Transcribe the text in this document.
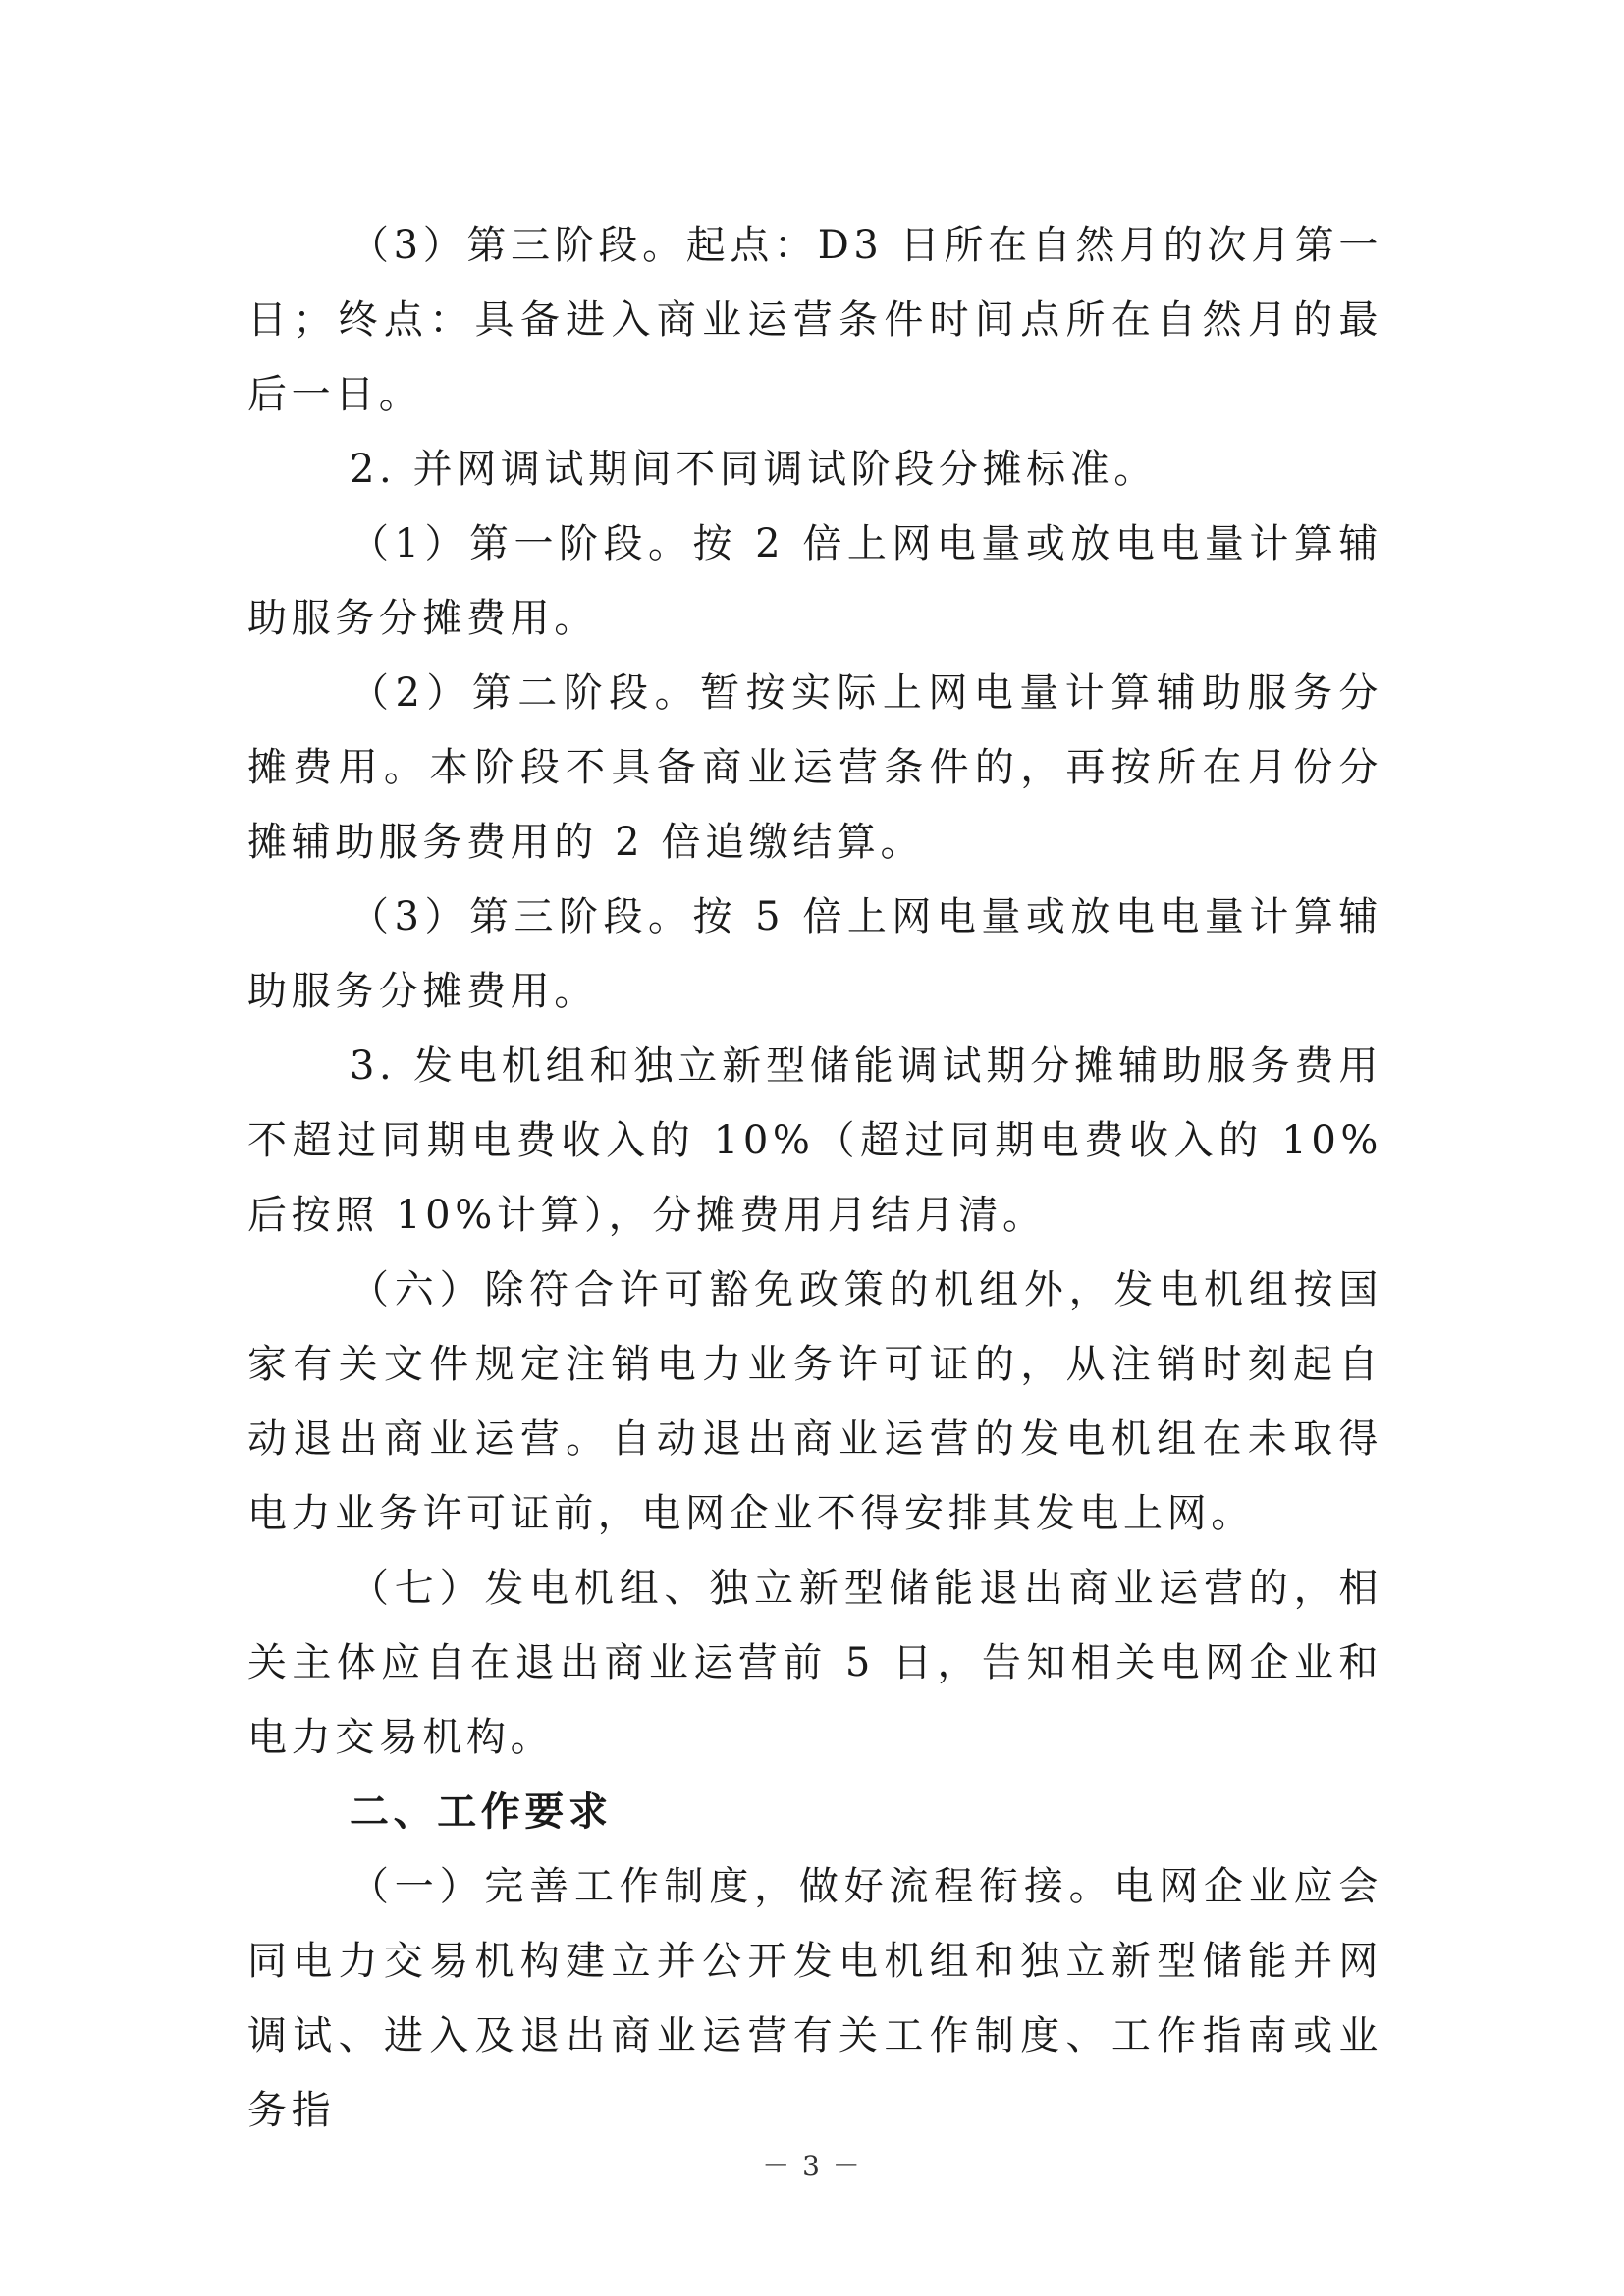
（3）第三阶段。起点：D3 日所在自然月的次月第一日；终点：具备进入商业运营条件时间点所在自然月的最后一日。

2. 并网调试期间不同调试阶段分摊标准。

（1）第一阶段。按 2 倍上网电量或放电电量计算辅助服务分摊费用。

（2）第二阶段。暂按实际上网电量计算辅助服务分摊费用。本阶段不具备商业运营条件的，再按所在月份分摊辅助服务费用的 2 倍追缴结算。

（3）第三阶段。按 5 倍上网电量或放电电量计算辅助服务分摊费用。

3. 发电机组和独立新型储能调试期分摊辅助服务费用不超过同期电费收入的 10%（超过同期电费收入的 10%后按照 10%计算），分摊费用月结月清。

（六）除符合许可豁免政策的机组外，发电机组按国家有关文件规定注销电力业务许可证的，从注销时刻起自动退出商业运营。自动退出商业运营的发电机组在未取得电力业务许可证前，电网企业不得安排其发电上网。

（七）发电机组、独立新型储能退出商业运营的，相关主体应自在退出商业运营前 5 日，告知相关电网企业和电力交易机构。

二、工作要求

（一）完善工作制度，做好流程衔接。电网企业应会同电力交易机构建立并公开发电机组和独立新型储能并网调试、进入及退出商业运营有关工作制度、工作指南或业务指

－ 3 －
